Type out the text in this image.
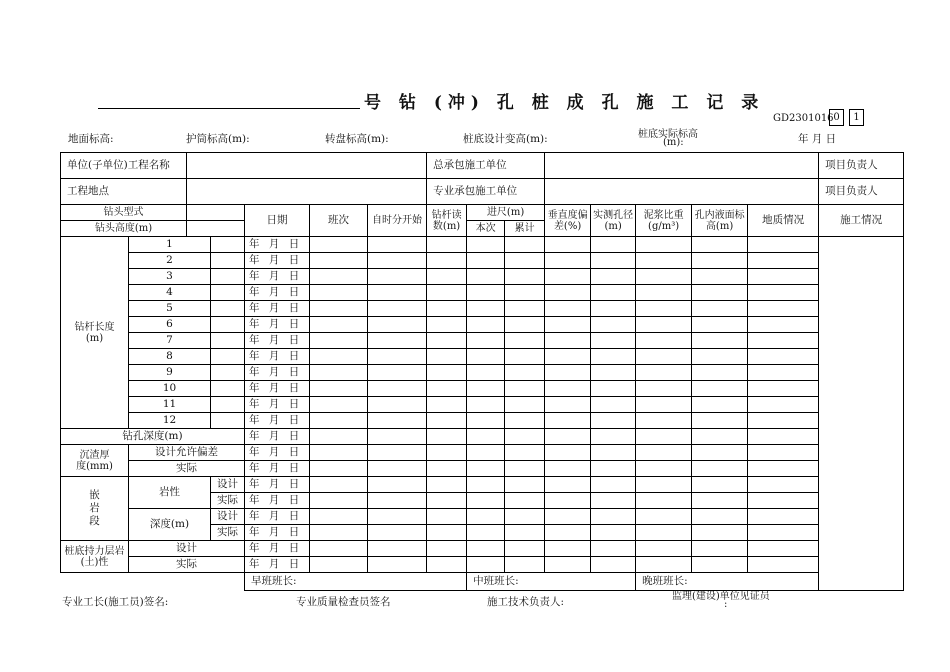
号 钻 (冲) 孔 桩 成 孔 施 工 记 录
GD2301016 0	1
地面标高:	护筒标高(m):	转盘标高(m):	桩底设计变高(m):	桩底实际标高
(m):	年 月 日
单位(子单位)工程名称							总承包施工单位								项目负责人	
工程地点							专业承包施工单位								项目负责人	
钻头型式				日期	班次	自时分开始	钻杆读数(m)	进尺(m)		垂直度偏差(%)	实测孔径(m)	泥浆比重(g/m³)	孔内液面标高(m)	地质情况	施工情况	
钻头高度(m)								本次	累计							
钻杆长度(m)	1			年 月 日												
	2			年 月 日												
	3			年 月 日												
	4			年 月 日												
	5			年 月 日												
	6			年 月 日												
	7			年 月 日												
	8			年 月 日												
	9			年 月 日												
	10			年 月 日												
	11			年 月 日												
	12			年 月 日												
钻孔深度(m)				年 月 日												
沉渣厚度(mm)	设计允许偏差			年 月 日												
	实际			年 月 日												
嵌岩段	岩性		设计	年 月 日												
			实际	年 月 日												
	深度(m)		设计	年 月 日												
			实际	年 月 日												
桩底持力层岩(土)性	设计			年 月 日												
	实际			年 月 日												
				早班班长:				中班班长:				晚班班长:				
专业工长(施工员)签名:	专业质量检查员签名	施工技术负责人:	监理(建设)单位见证员
:
